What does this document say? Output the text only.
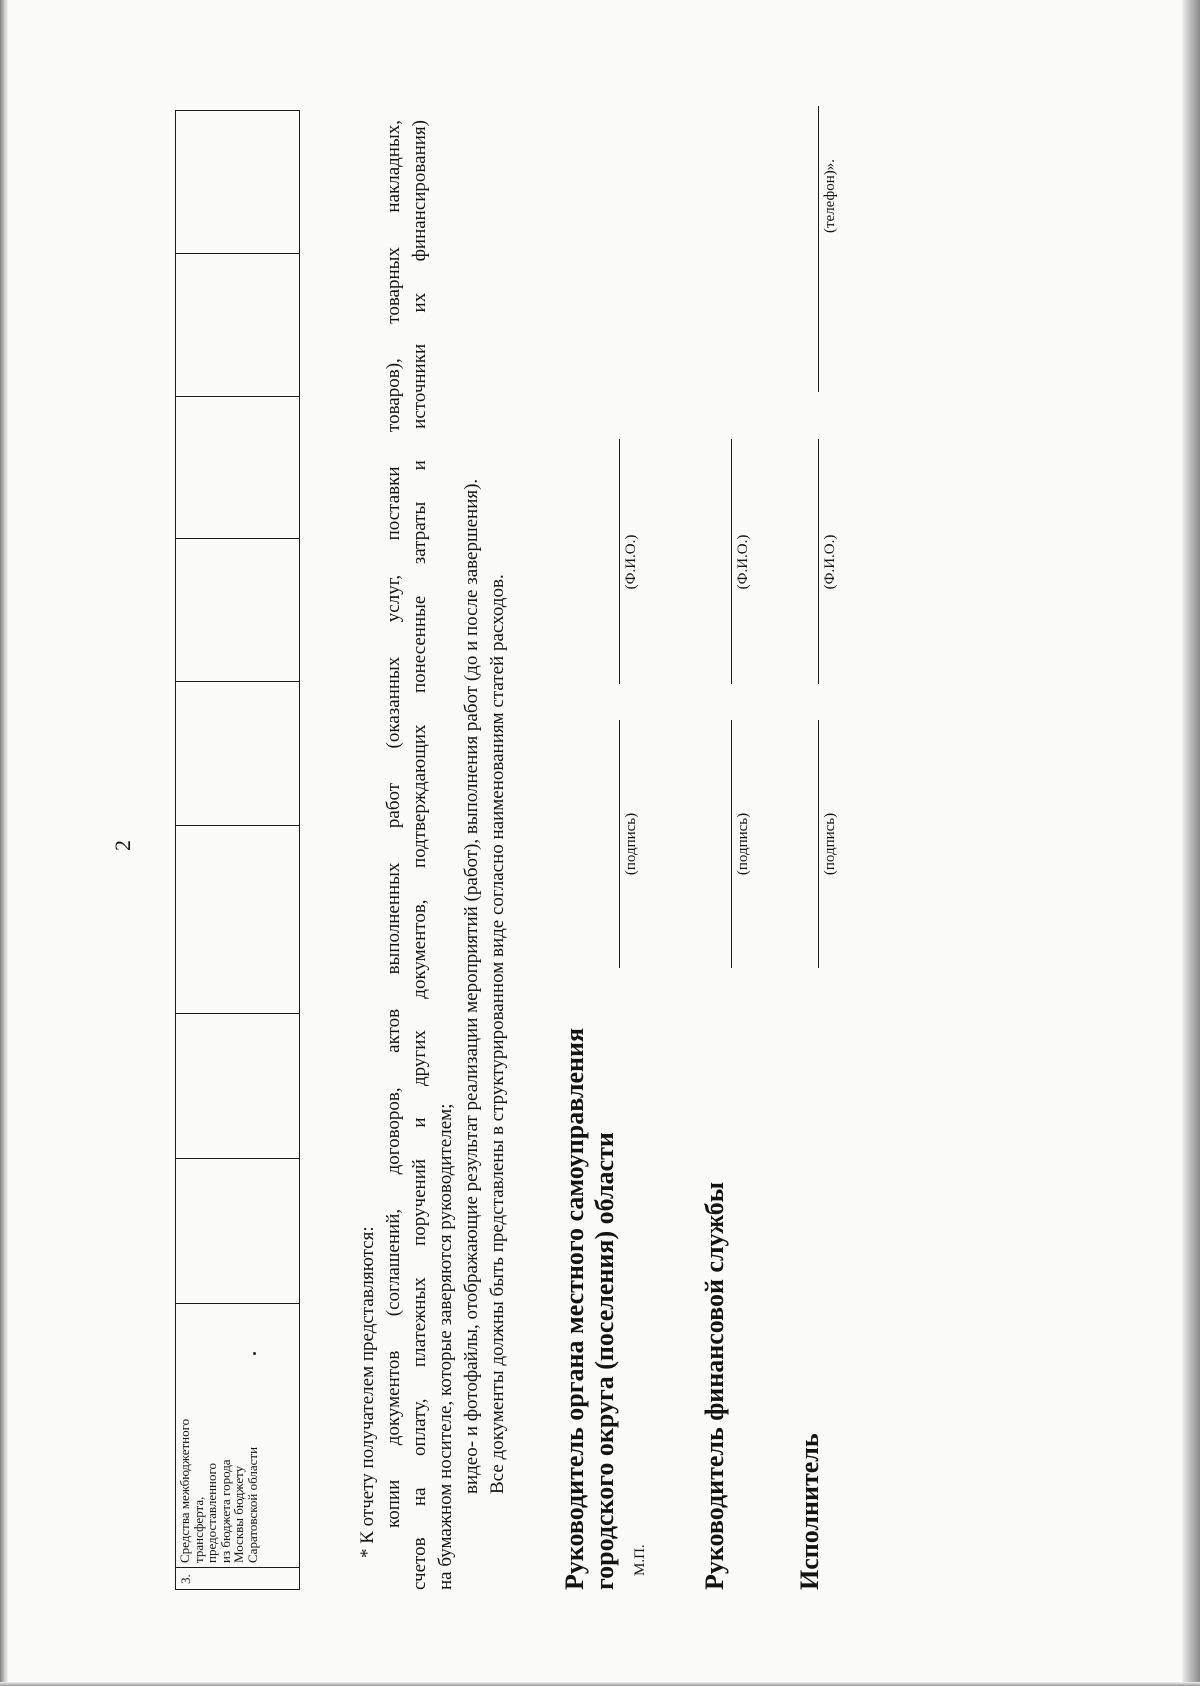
2
3.
Средства межбюджетного
трансферта,
предоставленного
из бюджета города
Москвы бюджету
Саратовской области	* К отчету получателем представляются: копии документов (соглашений, договоров, актов выполненных работ (оказанных услуг, поставки товаров), товарных накладных, счетов на оплату, платежных поручений и других документов, подтверждающих понесенные затраты и источники их финансирования) на бумажном носителе, которые заверяются руководителем; видео- и фотофайлы, отображающие результат реализации мероприятий (работ), выполнения работ (до и после завершения). Все документы должны быть представлены в структурированном виде согласно наименованиям статей расходов. Руководитель органа местного самоуправления городского округа (поселения) области М.П.
(подпись)
(Ф.И.О.)
Руководитель финансовой службы
(подпись)
(Ф.И.О.)
Исполнитель
(подпись)
(Ф.И.О.)
(телефон)».
